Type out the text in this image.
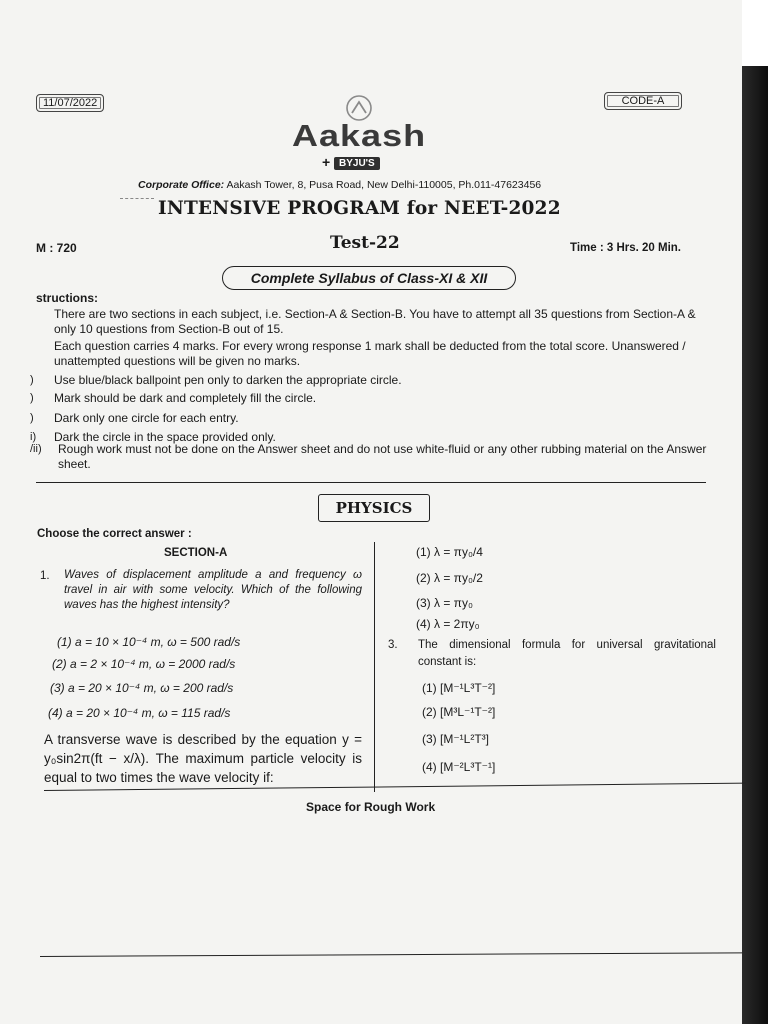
11/07/2022	CODE-A
Aakash
+ BYJU'S
Corporate Office: Aakash Tower, 8, Pusa Road, New Delhi-110005, Ph.011-47623456
INTENSIVE PROGRAM for NEET-2022
M : 720	Test-22	Time : 3 Hrs. 20 Min.
Complete Syllabus of Class-XI & XII
structions:
There are two sections in each subject, i.e. Section-A & Section-B. You have to attempt all 35 questions from Section-A & only 10 questions from Section-B out of 15.
Each question carries 4 marks. For every wrong response 1 mark shall be deducted from the total score. Unanswered / unattempted questions will be given no marks.
) Use blue/black ballpoint pen only to darken the appropriate circle.
) Mark should be dark and completely fill the circle.
) Dark only one circle for each entry.
i) Dark the circle in the space provided only.
/ii) Rough work must not be done on the Answer sheet and do not use white-fluid or any other rubbing material on the Answer sheet.
PHYSICS
Choose the correct answer :
SECTION-A
1. Waves of displacement amplitude a and frequency ω travel in air with some velocity. Which of the following waves has the highest intensity?
(1) a = 10 × 10⁻⁴ m, ω = 500 rad/s
(2) a = 2 × 10⁻⁴ m, ω = 2000 rad/s
(3) a = 20 × 10⁻⁴ m, ω = 200 rad/s
(4) a = 20 × 10⁻⁴ m, ω = 115 rad/s
A transverse wave is described by the equation y = y₀sin2π(ft − x/λ). The maximum particle velocity is equal to two times the wave velocity if:
(1) λ = πy₀/4
(2) λ = πy₀/2
(3) λ = πy₀
(4) λ = 2πy₀
3. The dimensional formula for universal gravitational constant is:
(1) [M⁻¹L³T⁻²]
(2) [M³L⁻¹T⁻²]
(3) [M⁻¹L²T³]
(4) [M⁻²L³T⁻¹]
Space for Rough Work
